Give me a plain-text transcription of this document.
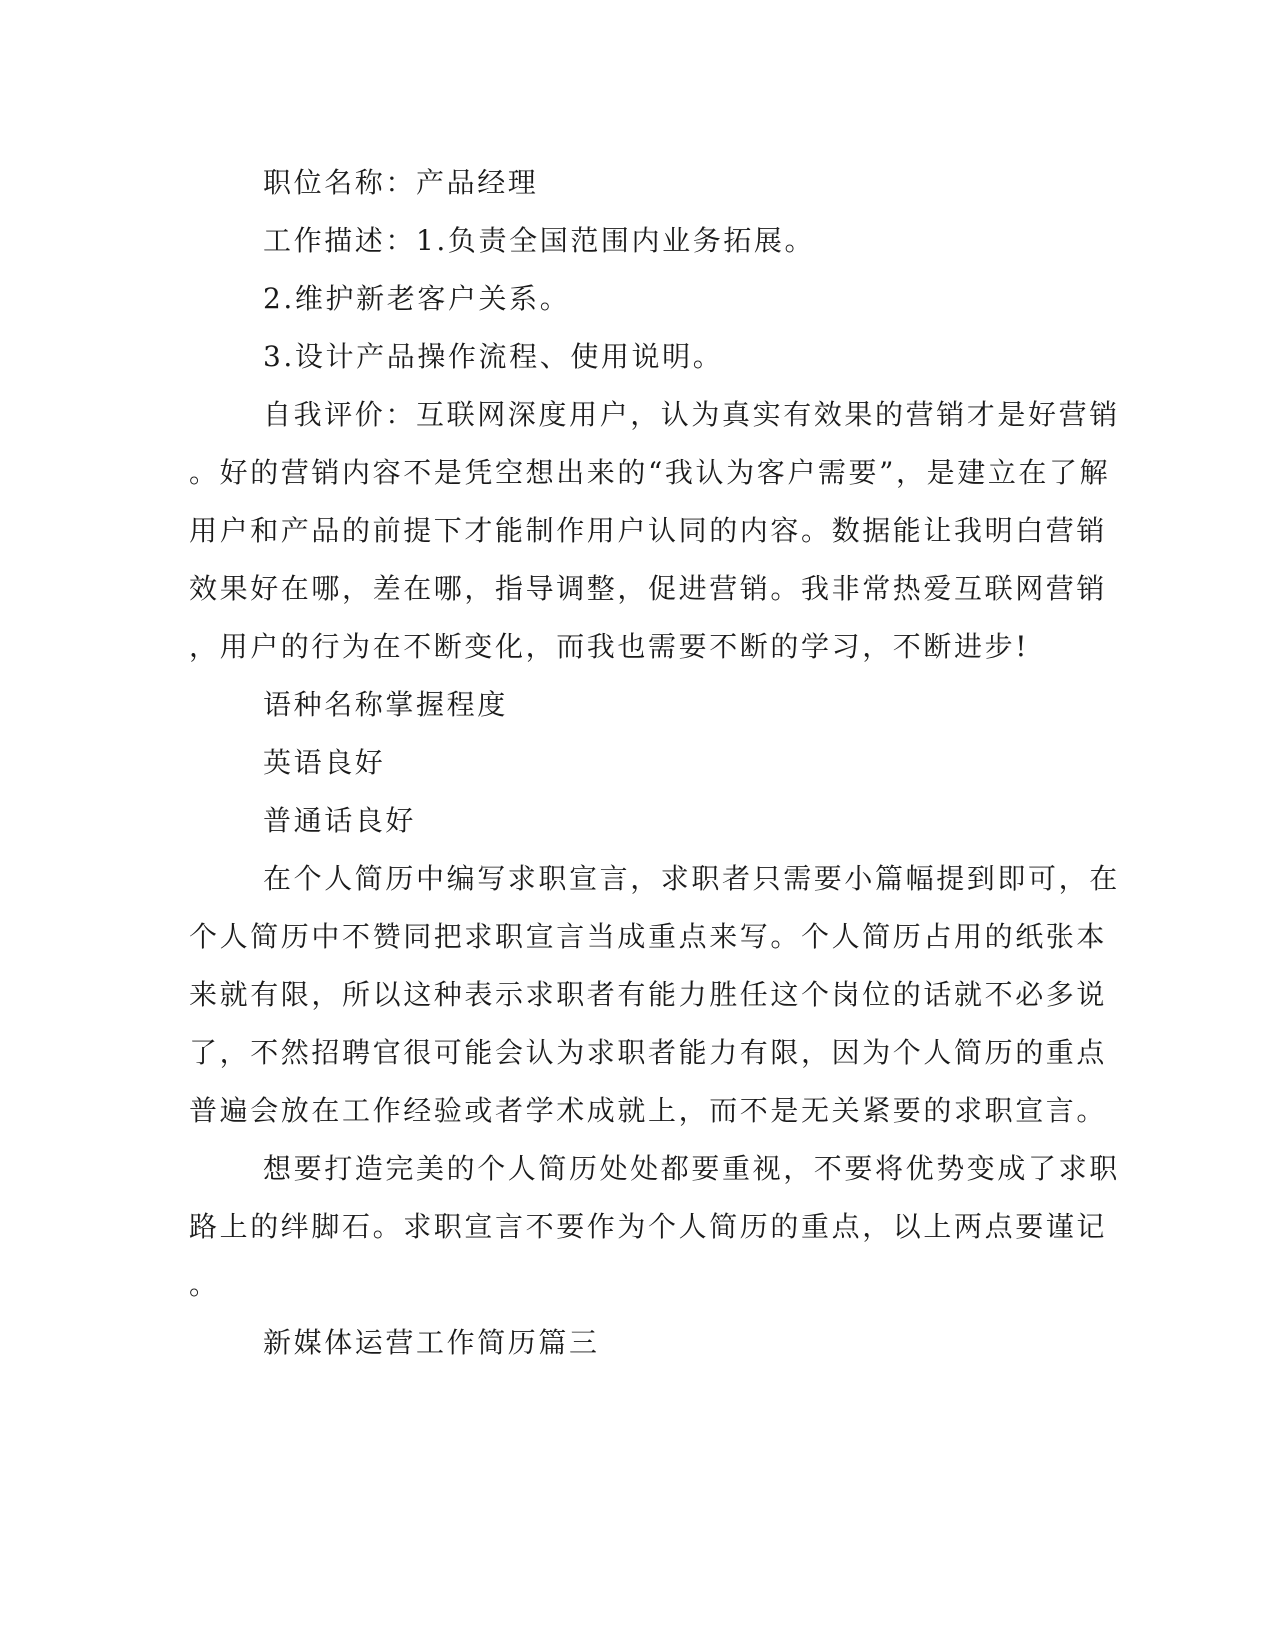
职位名称：产品经理

工作描述：1.负责全国范围内业务拓展。

2.维护新老客户关系。

3.设计产品操作流程、使用说明。

自我评价：互联网深度用户，认为真实有效果的营销才是好营销

。好的营销内容不是凭空想出来的“我认为客户需要”，是建立在了解

用户和产品的前提下才能制作用户认同的内容。数据能让我明白营销

效果好在哪，差在哪，指导调整，促进营销。我非常热爱互联网营销

，用户的行为在不断变化，而我也需要不断的学习，不断进步!

语种名称掌握程度

英语良好

普通话良好

在个人简历中编写求职宣言，求职者只需要小篇幅提到即可，在

个人简历中不赞同把求职宣言当成重点来写。个人简历占用的纸张本

来就有限，所以这种表示求职者有能力胜任这个岗位的话就不必多说

了，不然招聘官很可能会认为求职者能力有限，因为个人简历的重点

普遍会放在工作经验或者学术成就上，而不是无关紧要的求职宣言。

想要打造完美的个人简历处处都要重视，不要将优势变成了求职

路上的绊脚石。求职宣言不要作为个人简历的重点，以上两点要谨记

。

新媒体运营工作简历篇三
